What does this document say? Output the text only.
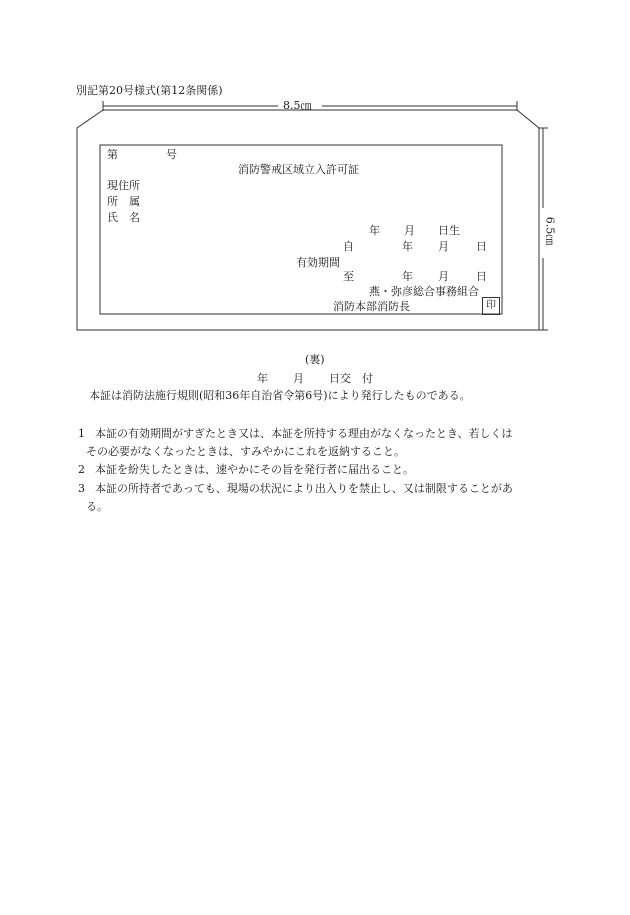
別記第20号様式(第12条関係)
8.5㎝
6.5㎝
第	号
消防警戒区域立入許可証
現住所
所　属
氏　名
年 月 日生
自	年 月 日
有効期間
至	年 月 日
燕・弥彦総合事務組合
消防本部消防長	印
(裏)
年 月 日交　付
本証は消防法施行規則(昭和36年自治省令第6号)により発行したものである。
1 本証の有効期間がすぎたとき又は、本証を所持する理由がなくなったとき、若しくは
その必要がなくなったときは、すみやかにこれを返納すること。
2 本証を紛失したときは、速やかにその旨を発行者に届出ること。
3 本証の所持者であっても、現場の状況により出入りを禁止し、又は制限することがあ
る。
